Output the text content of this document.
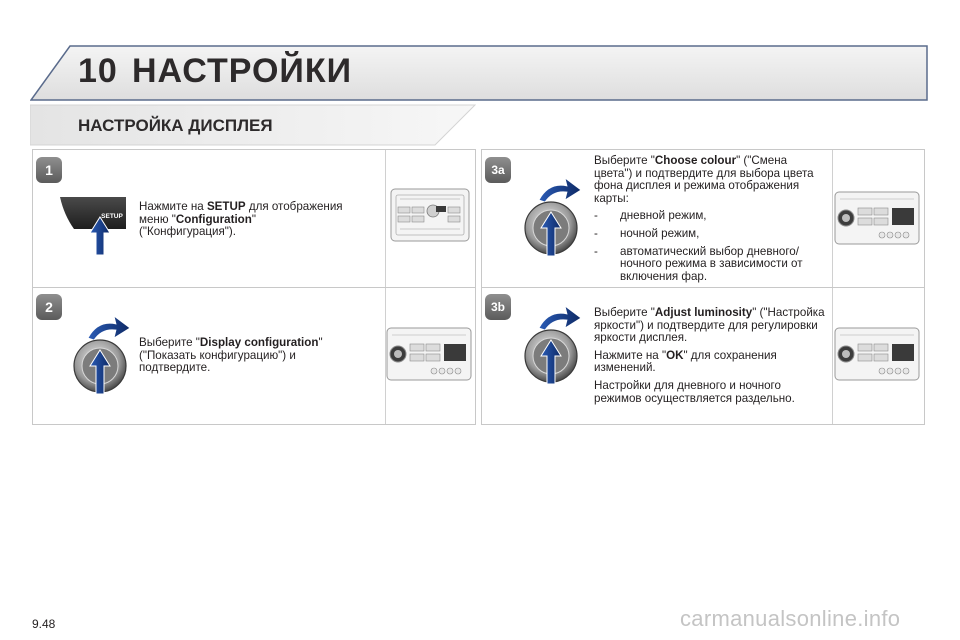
10 НАСТРОЙКИ
НАСТРОЙКА ДИСПЛЕЯ
1
SETUP

Нажмите на SETUP для отображения меню "Configuration" ("Конфигурация").

2

Выберите "Display configuration" ("Показать конфигурацию") и подтвердите.

3a

Выберите "Choose colour" ("Смена цвета") и подтвердите для выбора цвета фона дисплея и режима отображения карты:

-	дневной режим,
-	ночной режим,
-	автоматический выбор дневного/ночного режима в зависимости от включения фар.
3b	Выберите "Adjust luminosity" ("Настройка яркости") и подтвердите для регулировки яркости дисплея.

Нажмите на "OK" для сохранения изменений.

Настройки для дневного и ночного режимов осуществляется раздельно.

9.48	carmanualsonline.info
